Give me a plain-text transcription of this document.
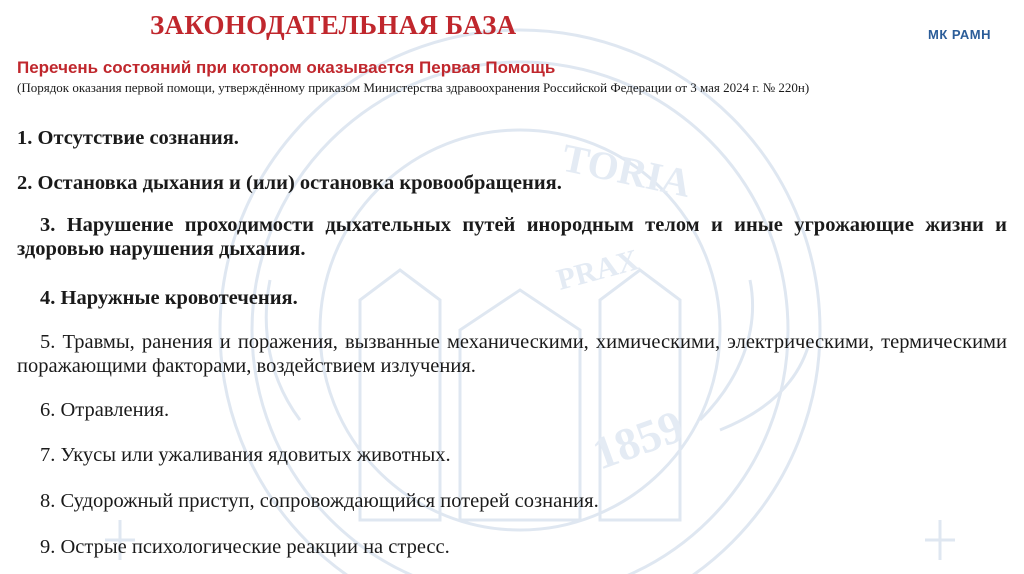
TORIA
PRAX
1859
ЗАКОНОДАТЕЛЬНАЯ БАЗА	МК РАМН
Перечень состояний при котором оказывается Первая Помощь
(Порядок оказания первой помощи, утверждённому приказом Министерства здравоохранения Российской Федерации от 3 мая 2024 г. № 220н)
1. Отсутствие сознания.
2. Остановка дыхания и (или) остановка кровообращения.
3. Нарушение проходимости дыхательных путей инородным телом и иные угрожающие жизни и здоровью нарушения дыхания.
4. Наружные кровотечения.
5. Травмы, ранения и поражения, вызванные механическими, химическими, электрическими, термическими поражающими факторами, воздействием излучения.
6. Отравления.
7. Укусы или ужаливания ядовитых животных.
8. Судорожный приступ, сопровождающийся потерей сознания.
9. Острые психологические реакции на стресс.
